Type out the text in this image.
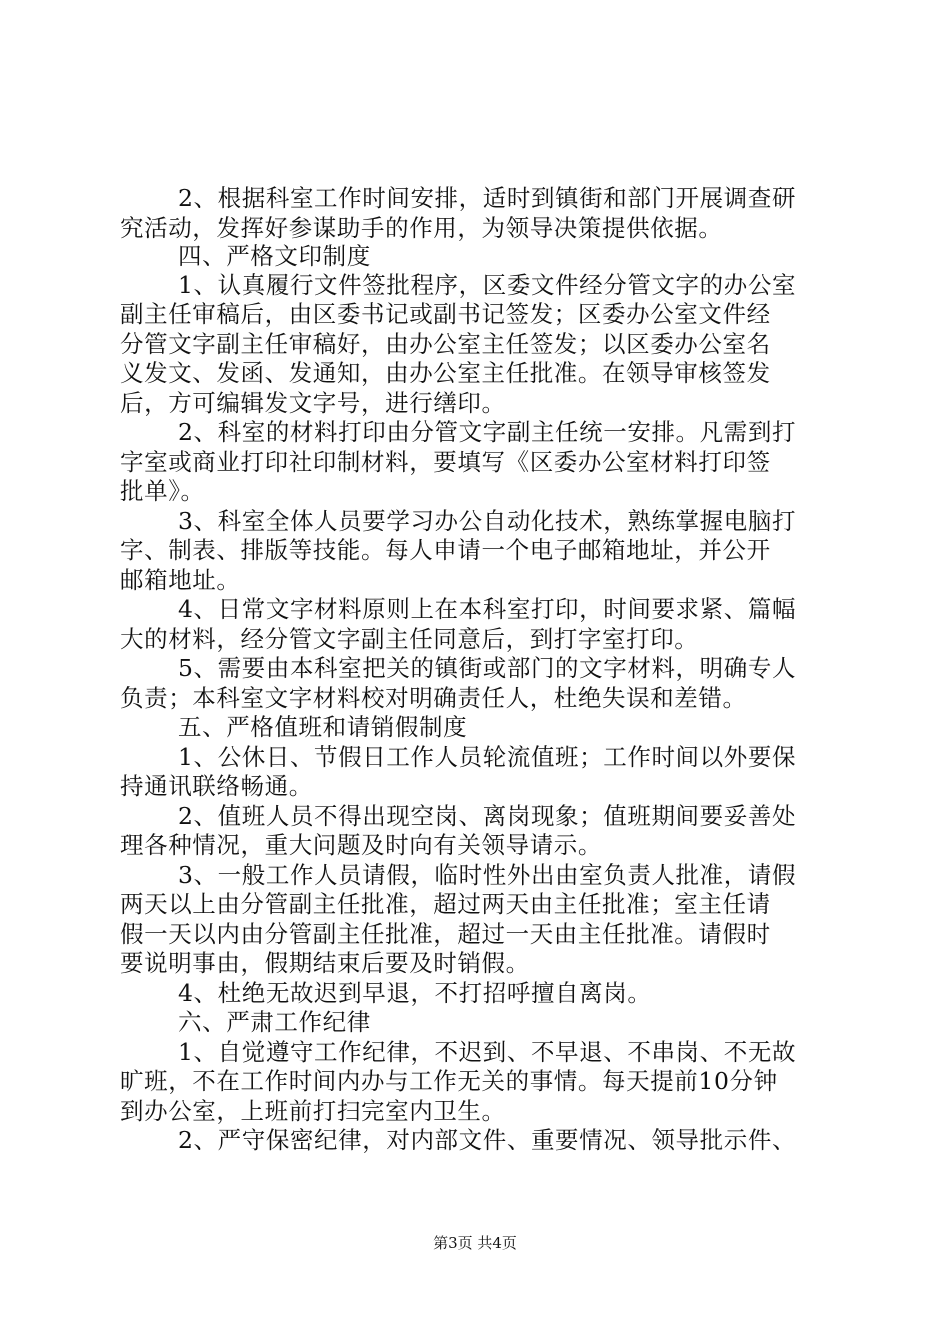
2、根据科室工作时间安排，适时到镇街和部门开展调查研
究活动，发挥好参谋助手的作用，为领导决策提供依据。
四、严格文印制度
1、认真履行文件签批程序，区委文件经分管文字的办公室
副主任审稿后，由区委书记或副书记签发；区委办公室文件经
分管文字副主任审稿好，由办公室主任签发；以区委办公室名
义发文、发函、发通知，由办公室主任批准。在领导审核签发
后，方可编辑发文字号，进行缮印。
2、科室的材料打印由分管文字副主任统一安排。凡需到打
字室或商业打印社印制材料，要填写《区委办公室材料打印签
批单》。
3、科室全体人员要学习办公自动化技术，熟练掌握电脑打
字、制表、排版等技能。每人申请一个电子邮箱地址，并公开
邮箱地址。
4、日常文字材料原则上在本科室打印，时间要求紧、篇幅
大的材料，经分管文字副主任同意后，到打字室打印。
5、需要由本科室把关的镇街或部门的文字材料，明确专人
负责；本科室文字材料校对明确责任人，杜绝失误和差错。
五、严格值班和请销假制度
1、公休日、节假日工作人员轮流值班；工作时间以外要保
持通讯联络畅通。
2、值班人员不得出现空岗、离岗现象；值班期间要妥善处
理各种情况，重大问题及时向有关领导请示。
3、一般工作人员请假，临时性外出由室负责人批准，请假
两天以上由分管副主任批准，超过两天由主任批准；室主任请
假一天以内由分管副主任批准，超过一天由主任批准。请假时
要说明事由，假期结束后要及时销假。
4、杜绝无故迟到早退，不打招呼擅自离岗。
六、严肃工作纪律
1、自觉遵守工作纪律，不迟到、不早退、不串岗、不无故
旷班，不在工作时间内办与工作无关的事情。每天提前10分钟
到办公室，上班前打扫完室内卫生。
2、严守保密纪律，对内部文件、重要情况、领导批示件、
第3页 共4页
